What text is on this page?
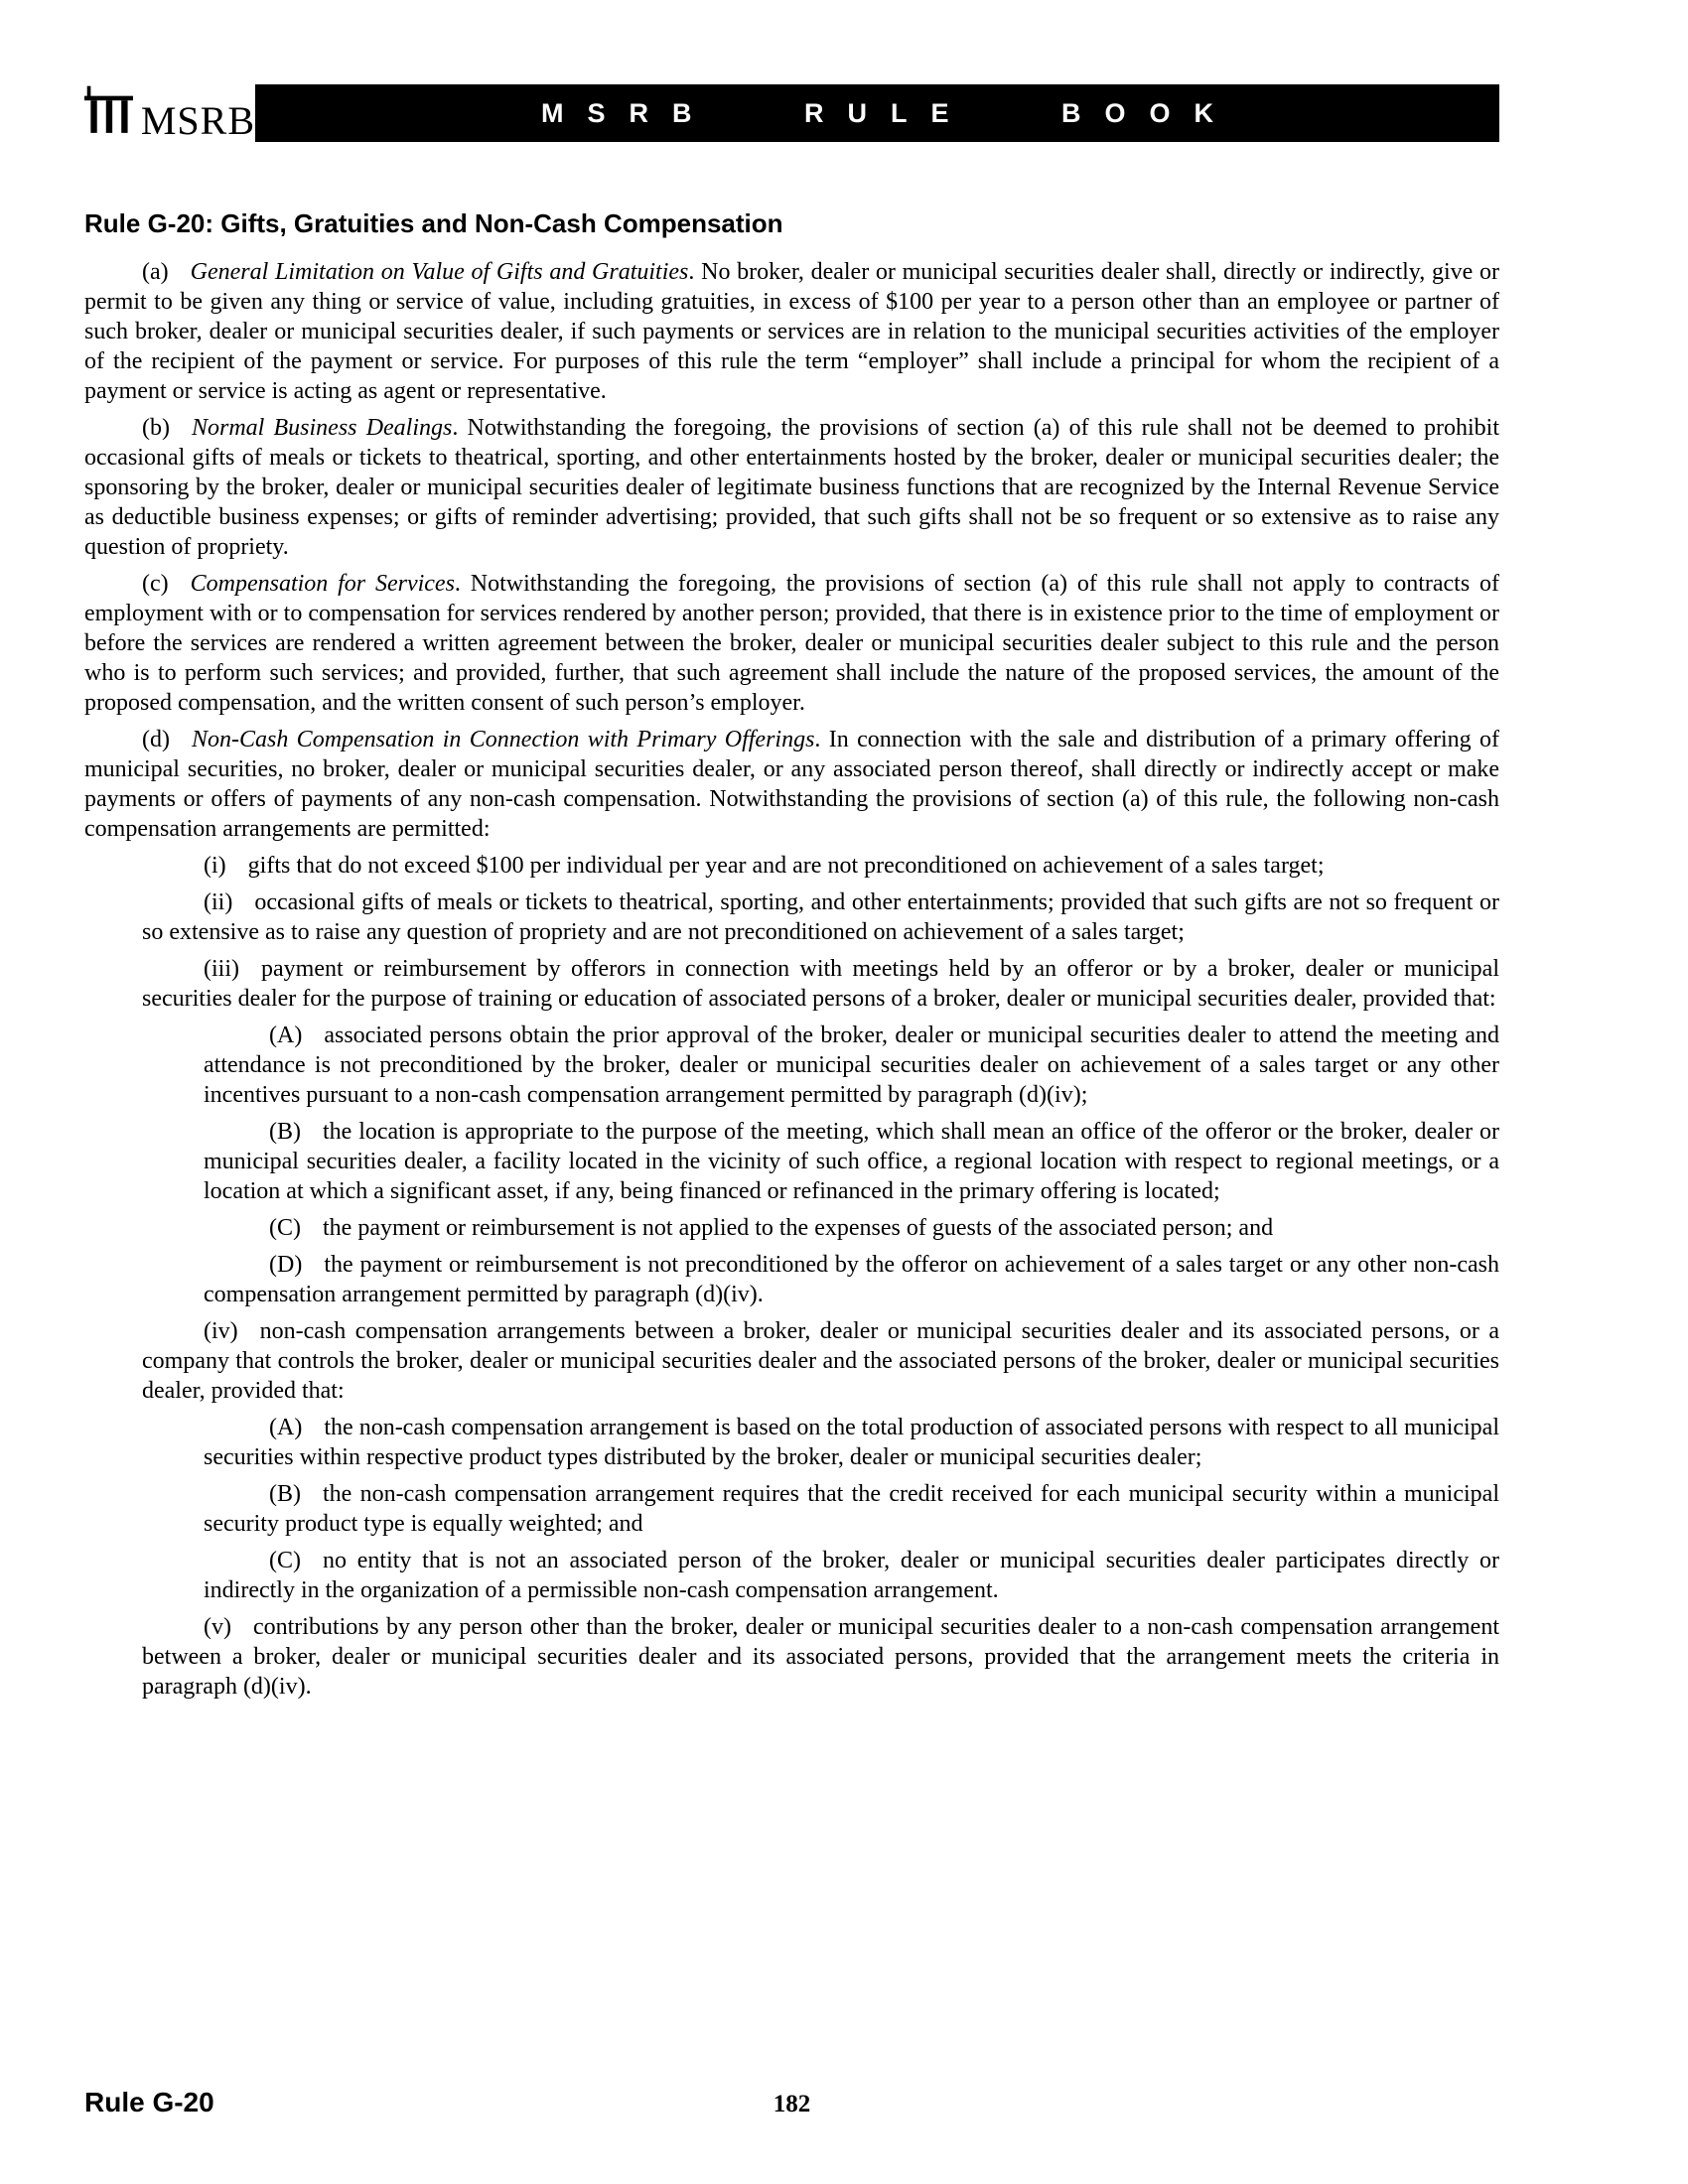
MSRB	MSRB RULE BOOK
Rule G-20: Gifts, Gratuities and Non-Cash Compensation

(a) General Limitation on Value of Gifts and Gratuities. No broker, dealer or municipal securities dealer shall, directly or indirectly, give or permit to be given any thing or service of value, including gratuities, in excess of $100 per year to a person other than an employee or partner of such broker, dealer or municipal securities dealer, if such payments or services are in relation to the municipal securities activities of the employer of the recipient of the payment or service. For purposes of this rule the term “employer” shall include a principal for whom the recipient of a payment or service is acting as agent or representative.

(b) Normal Business Dealings. Notwithstanding the foregoing, the provisions of section (a) of this rule shall not be deemed to prohibit occasional gifts of meals or tickets to theatrical, sporting, and other entertainments hosted by the broker, dealer or municipal securities dealer; the sponsoring by the broker, dealer or municipal securities dealer of legitimate business functions that are recognized by the Internal Revenue Service as deductible business expenses; or gifts of reminder advertising; provided, that such gifts shall not be so frequent or so extensive as to raise any question of propriety.

(c) Compensation for Services. Notwithstanding the foregoing, the provisions of section (a) of this rule shall not apply to contracts of employment with or to compensation for services rendered by another person; provided, that there is in existence prior to the time of employment or before the services are rendered a written agreement between the broker, dealer or municipal securities dealer subject to this rule and the person who is to perform such services; and provided, further, that such agreement shall include the nature of the proposed services, the amount of the proposed compensation, and the written consent of such person’s employer.

(d) Non-Cash Compensation in Connection with Primary Offerings. In connection with the sale and distribution of a primary offering of municipal securities, no broker, dealer or municipal securities dealer, or any associated person thereof, shall directly or indirectly accept or make payments or offers of payments of any non-cash compensation. Notwithstanding the provisions of section (a) of this rule, the following non-cash compensation arrangements are permitted:

(i) gifts that do not exceed $100 per individual per year and are not preconditioned on achievement of a sales target;

(ii) occasional gifts of meals or tickets to theatrical, sporting, and other entertainments; provided that such gifts are not so frequent or so extensive as to raise any question of propriety and are not preconditioned on achievement of a sales target;

(iii) payment or reimbursement by offerors in connection with meetings held by an offeror or by a broker, dealer or municipal securities dealer for the purpose of training or education of associated persons of a broker, dealer or municipal securities dealer, provided that:

(A) associated persons obtain the prior approval of the broker, dealer or municipal securities dealer to attend the meeting and attendance is not preconditioned by the broker, dealer or municipal securities dealer on achievement of a sales target or any other incentives pursuant to a non-cash compensation arrangement permitted by paragraph (d)(iv);

(B) the location is appropriate to the purpose of the meeting, which shall mean an office of the offeror or the broker, dealer or municipal securities dealer, a facility located in the vicinity of such office, a regional location with respect to regional meetings, or a location at which a significant asset, if any, being financed or refinanced in the primary offering is located;

(C) the payment or reimbursement is not applied to the expenses of guests of the associated person; and

(D) the payment or reimbursement is not preconditioned by the offeror on achievement of a sales target or any other non-cash compensation arrangement permitted by paragraph (d)(iv).

(iv) non-cash compensation arrangements between a broker, dealer or municipal securities dealer and its associated persons, or a company that controls the broker, dealer or municipal securities dealer and the associated persons of the broker, dealer or municipal securities dealer, provided that:

(A) the non-cash compensation arrangement is based on the total production of associated persons with respect to all municipal securities within respective product types distributed by the broker, dealer or municipal securities dealer;

(B) the non-cash compensation arrangement requires that the credit received for each municipal security within a municipal security product type is equally weighted; and

(C) no entity that is not an associated person of the broker, dealer or municipal securities dealer participates directly or indirectly in the organization of a permissible non-cash compensation arrangement.

(v) contributions by any person other than the broker, dealer or municipal securities dealer to a non-cash compensation arrangement between a broker, dealer or municipal securities dealer and its associated persons, provided that the arrangement meets the criteria in paragraph (d)(iv).

Rule G-20	182
